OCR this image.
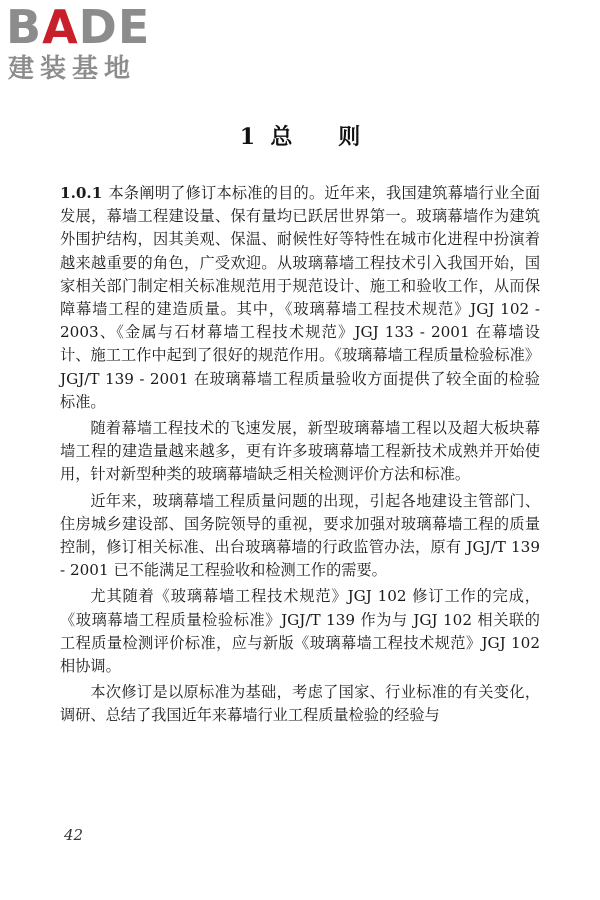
BADE
建装基地
1  总      则

1.0.1 本条阐明了修订本标准的目的。近年来，我国建筑幕墙行业全面发展，幕墙工程建设量、保有量均已跃居世界第一。玻璃幕墙作为建筑外围护结构，因其美观、保温、耐候性好等特性在城市化进程中扮演着越来越重要的角色，广受欢迎。从玻璃幕墙工程技术引入我国开始，国家相关部门制定相关标准规范用于规范设计、施工和验收工作，从而保障幕墙工程的建造质量。其中，《玻璃幕墙工程技术规范》JGJ 102 - 2003、《金属与石材幕墙工程技术规范》JGJ 133 - 2001 在幕墙设计、施工工作中起到了很好的规范作用。《玻璃幕墙工程质量检验标准》JGJ/T 139 - 2001 在玻璃幕墙工程质量验收方面提供了较全面的检验标准。

随着幕墙工程技术的飞速发展，新型玻璃幕墙工程以及超大板块幕墙工程的建造量越来越多，更有许多玻璃幕墙工程新技术成熟并开始使用，针对新型种类的玻璃幕墙缺乏相关检测评价方法和标准。

近年来，玻璃幕墙工程质量问题的出现，引起各地建设主管部门、住房城乡建设部、国务院领导的重视，要求加强对玻璃幕墙工程的质量控制，修订相关标准、出台玻璃幕墙的行政监管办法，原有 JGJ/T 139 - 2001 已不能满足工程验收和检测工作的需要。

尤其随着《玻璃幕墙工程技术规范》JGJ 102 修订工作的完成，《玻璃幕墙工程质量检验标准》JGJ/T 139 作为与 JGJ 102 相关联的工程质量检测评价标准，应与新版《玻璃幕墙工程技术规范》JGJ 102 相协调。

本次修订是以原标准为基础，考虑了国家、行业标准的有关变化，调研、总结了我国近年来幕墙行业工程质量检验的经验与

42
